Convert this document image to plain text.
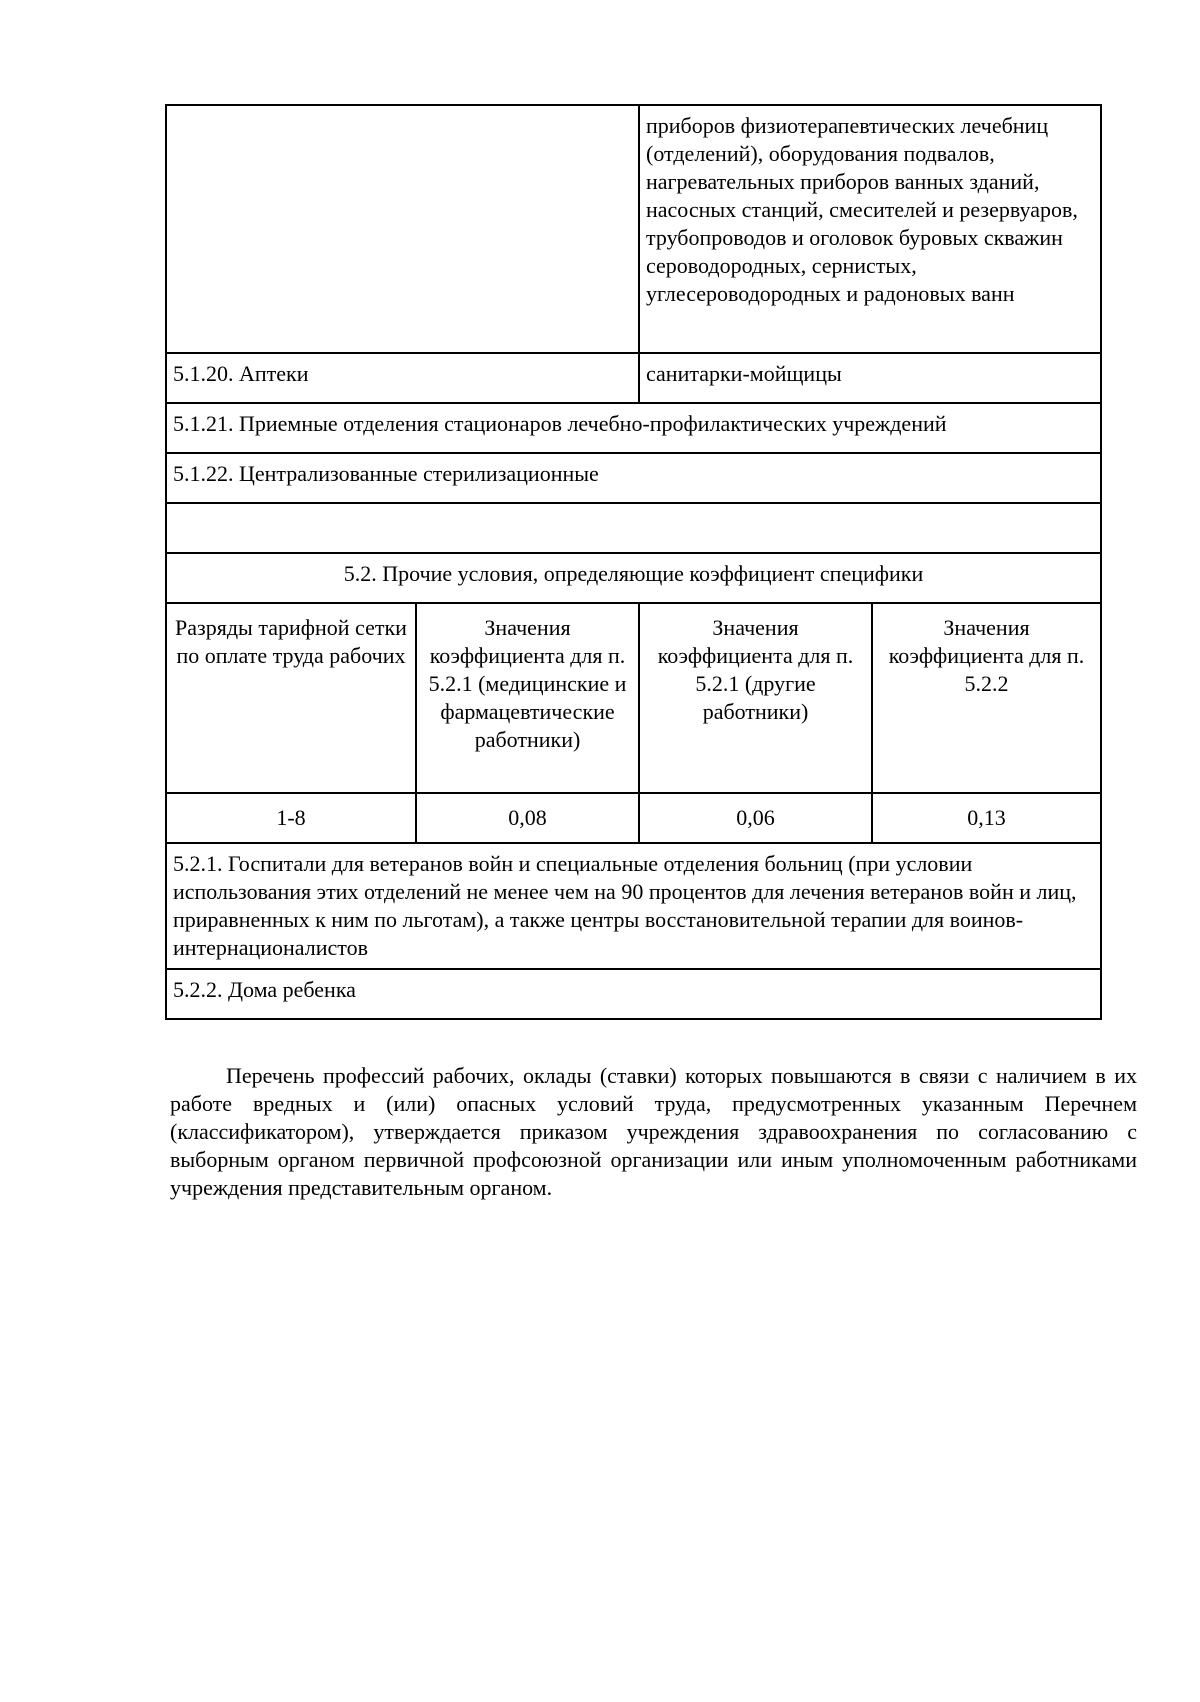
		приборов физиотерапевтических лечебниц (отделений), оборудования подвалов, нагревательных приборов ванных зданий, насосных станций, смесителей и резервуаров, трубопроводов и оголовок буровых скважин сероводородных, сернистых, углесероводородных и радоновых ванн	
5.1.20. Аптеки		санитарки-мойщицы	
5.1.21. Приемные отделения стационаров лечебно-профилактических учреждений			
5.1.22. Централизованные стерилизационные			

5.2. Прочие условия, определяющие коэффициент специфики			
Разряды тарифной сетки по оплате труда рабочих	Значения коэффициента для п. 5.2.1 (медицинские и фармацевтические работники)	Значения коэффициента для п. 5.2.1 (другие работники)	Значения коэффициента для п. 5.2.2
1-8	0,08	0,06	0,13
5.2.1. Госпитали для ветеранов войн и специальные отделения больниц (при условии использования этих отделений не менее чем на 90 процентов для лечения ветеранов войн и лиц, приравненных к ним по льготам), а также центры восстановительной терапии для воинов-интернационалистов			
5.2.2. Дома ребенка			

Перечень профессий рабочих, оклады (ставки) которых повышаются в связи с наличием в их работе вредных и (или) опасных условий труда, предусмотренных указанным Перечнем (классификатором), утверждается приказом учреждения здравоохранения по согласованию с выборным органом первичной профсоюзной организации или иным уполномоченным работниками учреждения представительным органом.
